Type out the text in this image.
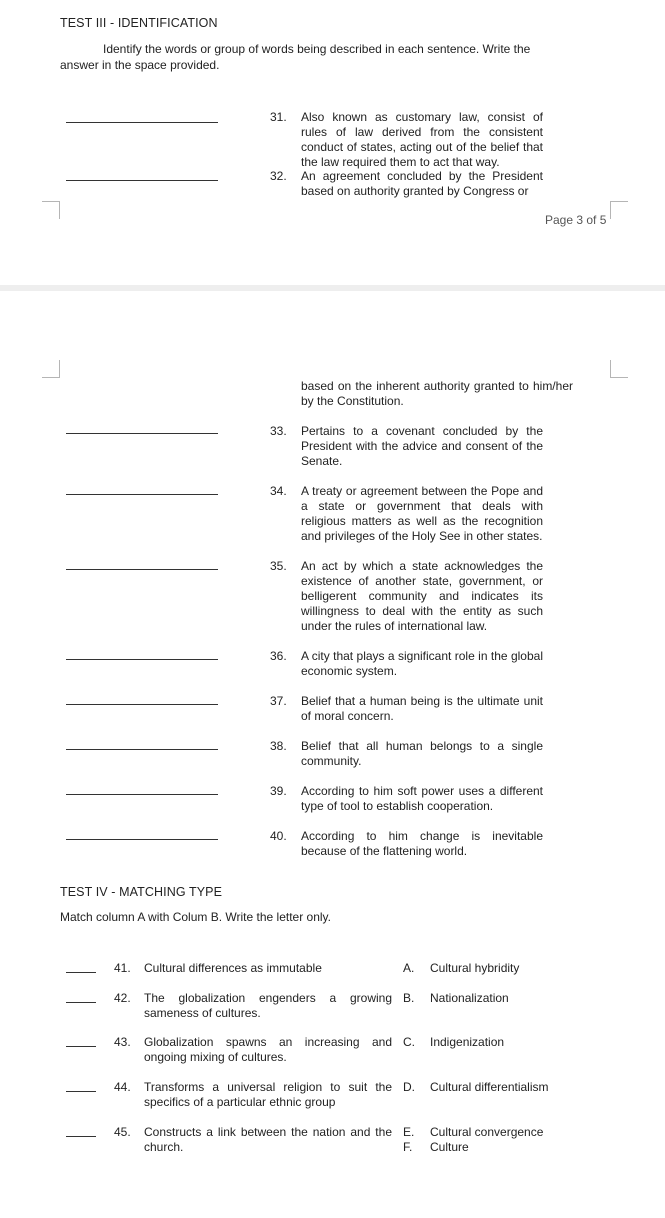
TEST III - IDENTIFICATION
Identify the words or group of words being described in each sentence. Write the
answer in the space provided.
31. Also known as customary law, consist of rules of law derived from the consistent conduct of states, acting out of the belief that the law required them to act that way.
32. An agreement concluded by the President based on authority granted by Congress or
Page 3 of 5
based on the inherent authority granted to him/her by the Constitution.
33. Pertains to a covenant concluded by the President with the advice and consent of the Senate.
34. A treaty or agreement between the Pope and a state or government that deals with religious matters as well as the recognition and privileges of the Holy See in other states.
35. An act by which a state acknowledges the existence of another state, government, or belligerent community and indicates its willingness to deal with the entity as such under the rules of international law.
36. A city that plays a significant role in the global economic system.
37. Belief that a human being is the ultimate unit of moral concern.
38. Belief that all human belongs to a single community.
39. According to him soft power uses a different type of tool to establish cooperation.
40. According to him change is inevitable because of the flattening world.
TEST IV - MATCHING TYPE
Match column A with Colum B. Write the letter only.
41. Cultural differences as immutable	A. Cultural hybridity
42. The globalization engenders a growing sameness of cultures.
B. Nationalization
43. Globalization spawns an increasing and ongoing mixing of cultures.
C. Indigenization
44. Transforms a universal religion to suit the specifics of a particular ethnic group
D. Cultural differentialism
45. Constructs a link between the nation and the church.
E. Cultural convergence
F. Culture
